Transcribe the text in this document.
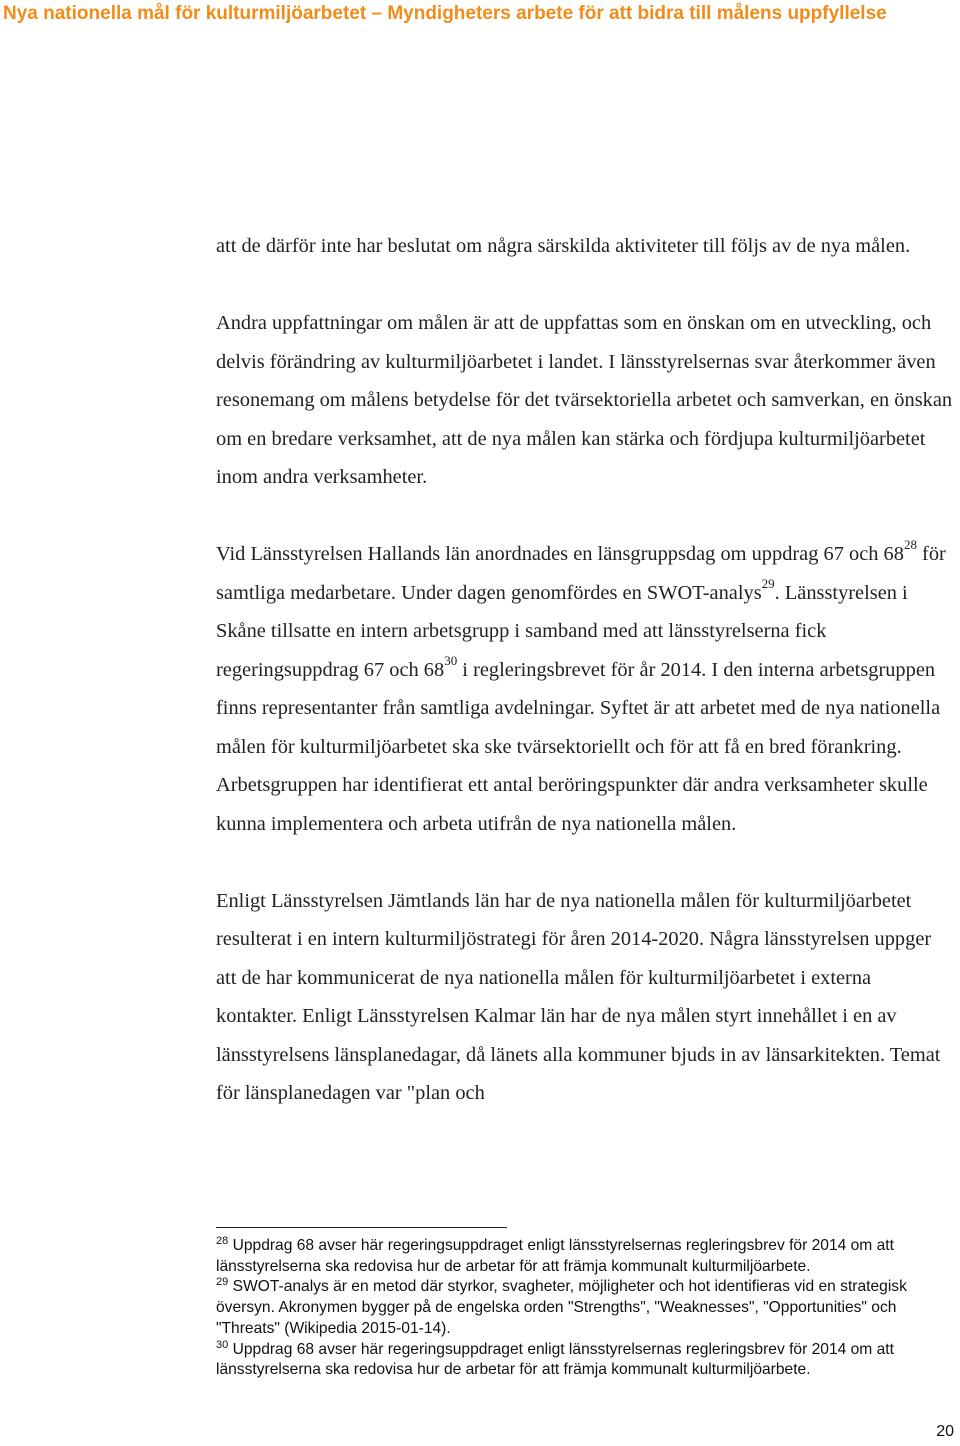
Nya nationella mål för kulturmiljöarbetet – Myndigheters arbete för att bidra till målens uppfyllelse

att de därför inte har beslutat om några särskilda aktiviteter till följs av de nya målen.

Andra uppfattningar om målen är att de uppfattas som en önskan om en utveckling, och delvis förändring av kulturmiljöarbetet i landet. I länsstyrelsernas svar återkommer även resonemang om målens betydelse för det tvärsektoriella arbetet och samverkan, en önskan om en bredare verksamhet, att de nya målen kan stärka och fördjupa kulturmiljöarbetet inom andra verksamheter.

Vid Länsstyrelsen Hallands län anordnades en länsgruppsdag om uppdrag 67 och $68^{28}$ för samtliga medarbetare. Under dagen genomfördes en SWOT-analys$^{29}$. Länsstyrelsen i Skåne tillsatte en intern arbetsgrupp i samband med att länsstyrelserna fick regeringsuppdrag 67 och $68^{30}$ i regleringsbrevet för år 2014. I den interna arbetsgruppen finns representanter från samtliga avdelningar. Syftet är att arbetet med de nya nationella målen för kulturmiljöarbetet ska ske tvärsektoriellt och för att få en bred förankring. Arbetsgruppen har identifierat ett antal beröringspunkter där andra verksamheter skulle kunna implementera och arbeta utifrån de nya nationella målen.

Enligt Länsstyrelsen Jämtlands län har de nya nationella målen för kulturmiljöarbetet resulterat i en intern kulturmiljöstrategi för åren 2014-2020. Några länsstyrelsen uppger att de har kommunicerat de nya nationella målen för kulturmiljöarbetet i externa kontakter. Enligt Länsstyrelsen Kalmar län har de nya målen styrt innehållet i en av länsstyrelsens länsplanedagar, då länets alla kommuner bjuds in av länsarkitekten. Temat för länsplanedagen var "plan och

$^{28}$ Uppdrag 68 avser här regeringsuppdraget enligt länsstyrelsernas regleringsbrev för 2014 om att länsstyrelserna ska redovisa hur de arbetar för att främja kommunalt kulturmiljöarbete.

$^{29}$ SWOT-analys är en metod där styrkor, svagheter, möjligheter och hot identifieras vid en strategisk översyn. Akronymen bygger på de engelska orden "Strengths", "Weaknesses", "Opportunities" och "Threats" (Wikipedia 2015-01-14).

$^{30}$ Uppdrag 68 avser här regeringsuppdraget enligt länsstyrelsernas regleringsbrev för 2014 om att länsstyrelserna ska redovisa hur de arbetar för att främja kommunalt kulturmiljöarbete.

20
